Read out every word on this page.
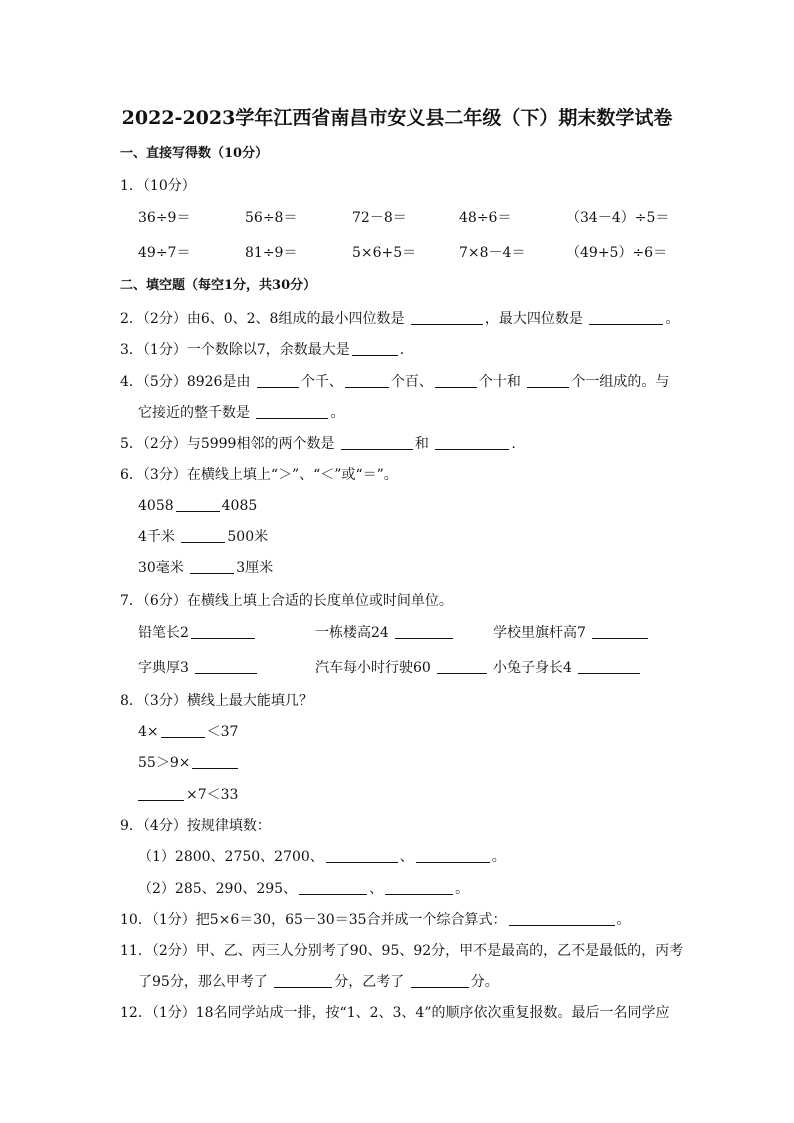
2022-2023学年江西省南昌市安义县二年级（下）期末数学试卷
一、直接写得数（10分）
1．（10分）
36÷9＝	56÷8＝	72－8＝	48÷6＝	（34－4）÷5＝
49÷7＝	81÷9＝	5×6+5＝	7×8－4＝	（49+5）÷6＝
二、填空题（每空1分，共30分）
2．（2分）由6、0、2、8组成的最小四位数是	，最大四位数是	。
3．（1分）一个数除以7，余数最大是	.
4．（5分）8926是由	个千、	个百、	个十和	个一组成的。与
它接近的整千数是	。
5．（2分）与5999相邻的两个数是	和	.
6．（3分）在横线上填上“＞”、“＜”或“＝”。
4058	4085
4千米	500米
30毫米	3厘米
7．（6分）在横线上填上合适的长度单位或时间单位。
铅笔长2	一栋楼高24	学校里旗杆高7
字典厚3	汽车每小时行驶60	小兔子身长4
8．（3分）横线上最大能填几？
4×	＜37
55＞9×
×7＜33
9．（4分）按规律填数：
（1）2800、2750、2700、	、	。
（2）285、290、295、	、	。
10．（1分）把5×6＝30，65－30＝35合并成一个综合算式：	。
11．（2分）甲、乙、丙三人分别考了90、95、92分，甲不是最高的，乙不是最低的，丙考
了95分，那么甲考了	分，乙考了	分。
12．（1分）18名同学站成一排，按“1、2、3、4”的顺序依次重复报数。最后一名同学应
